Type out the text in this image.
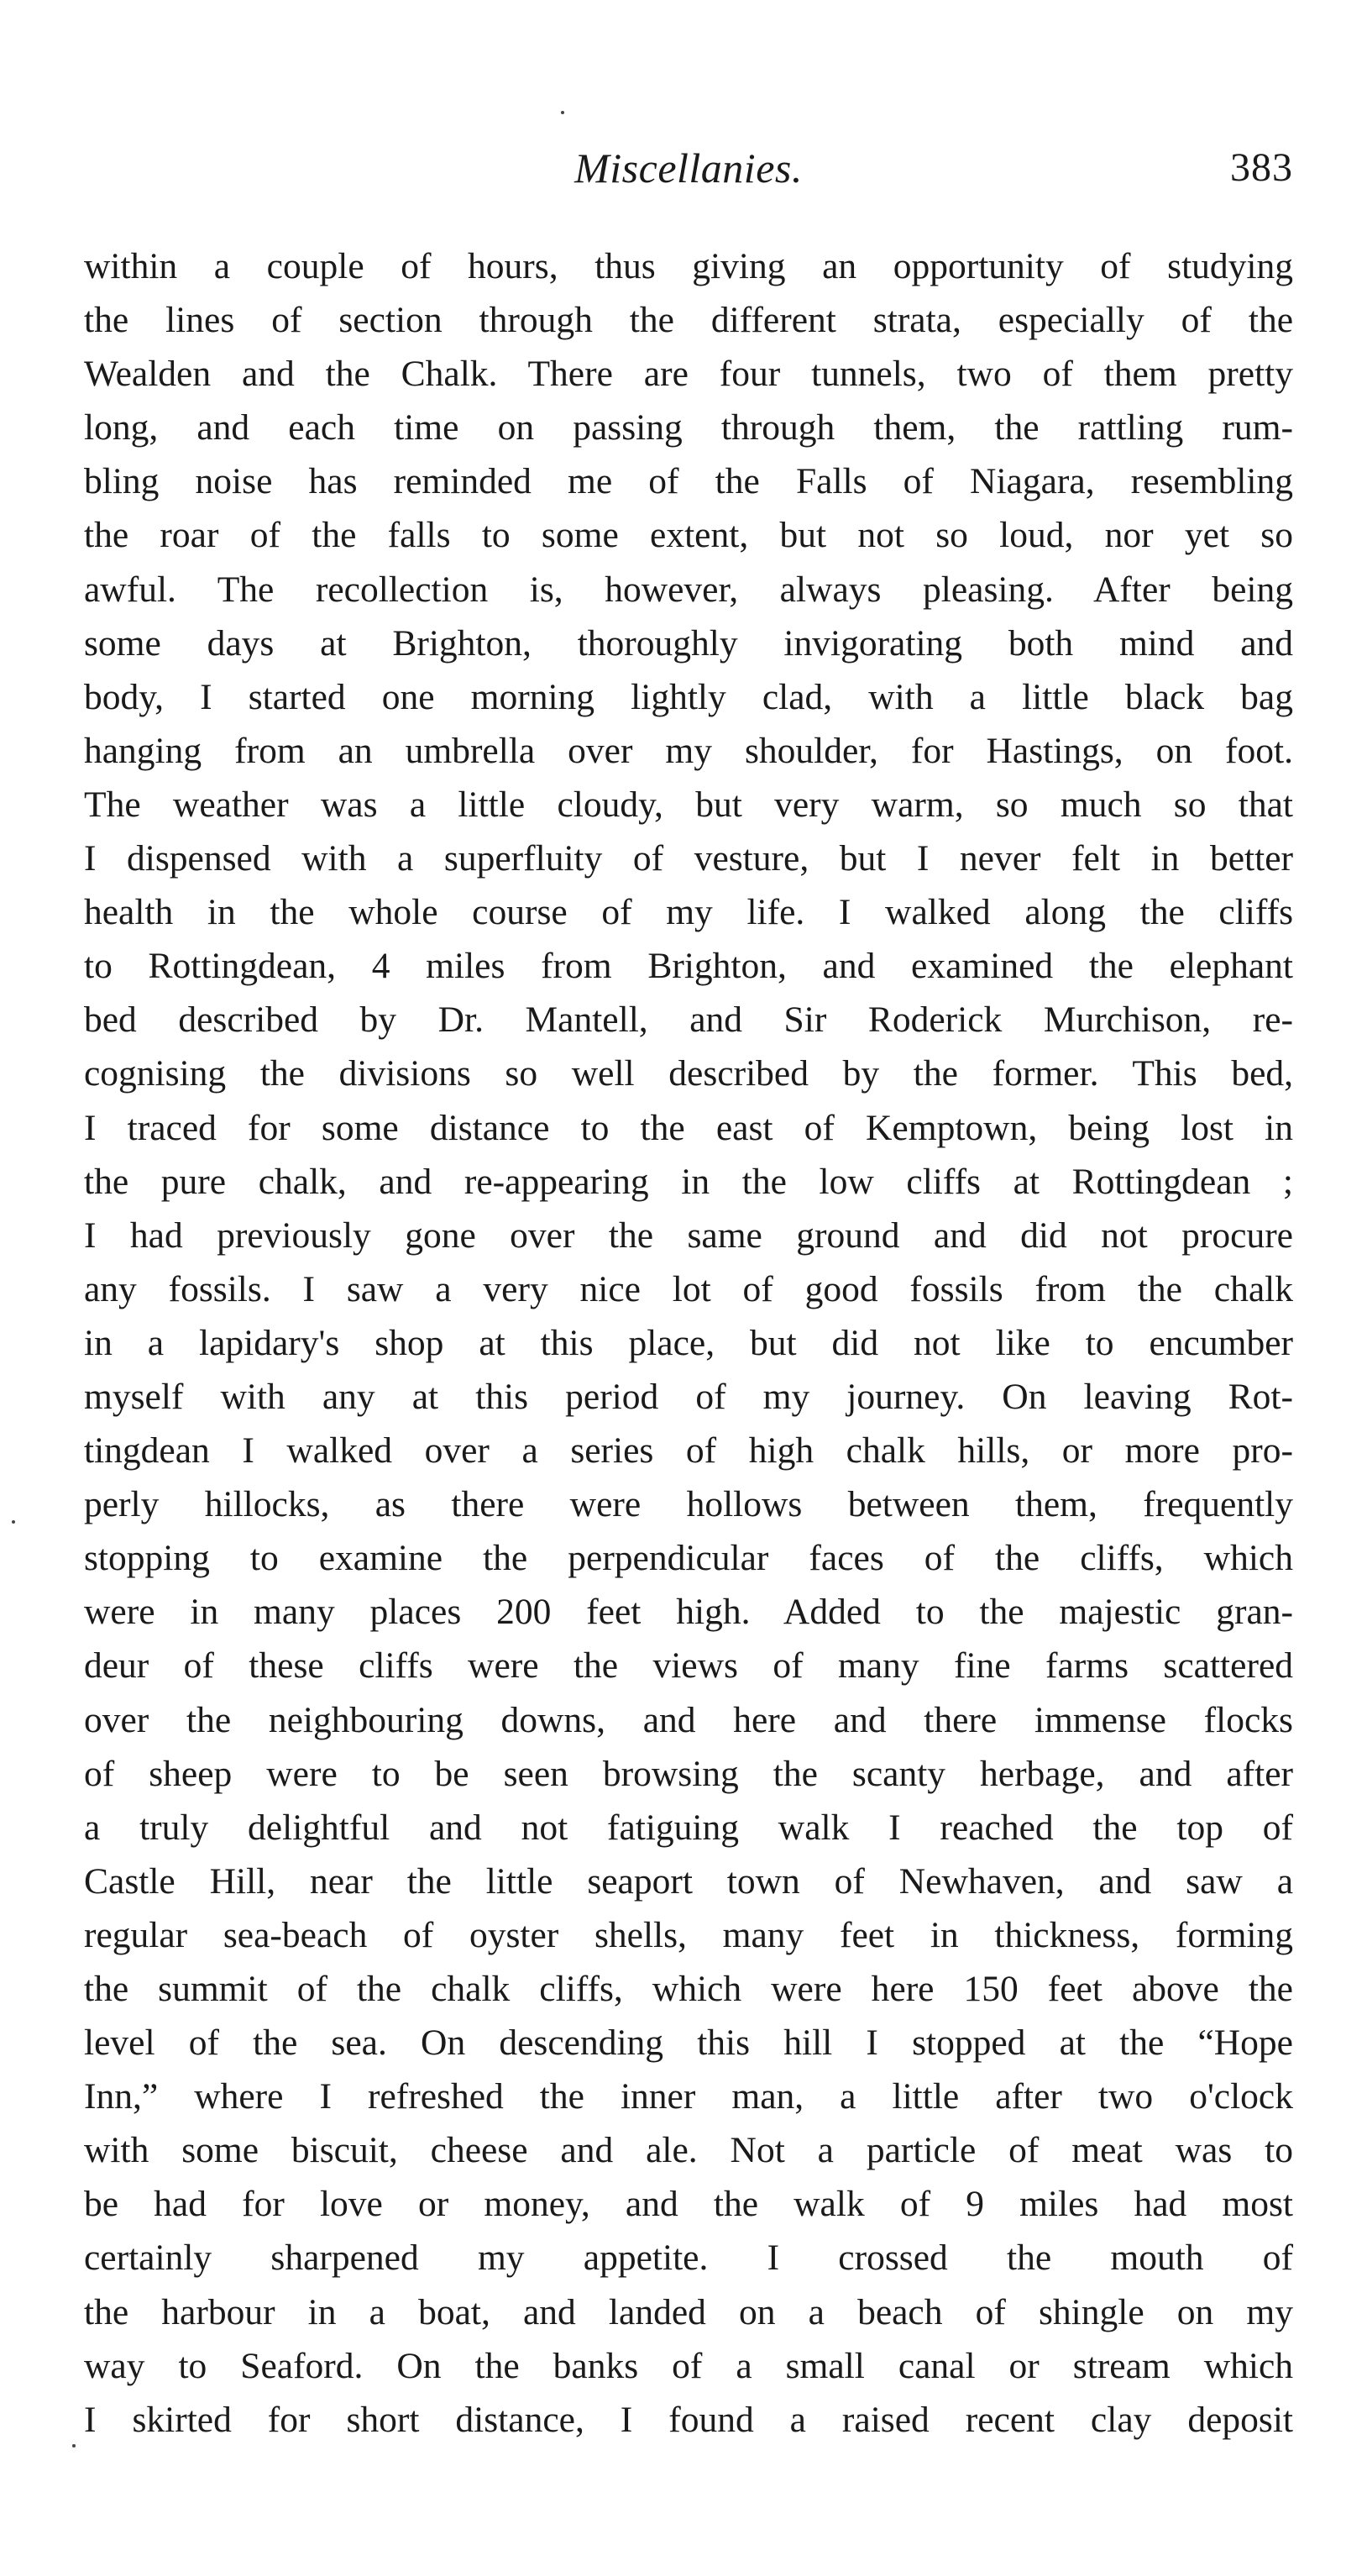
Miscellanies.	383
within a couple of hours, thus giving an opportunity of studying
the lines of section through the different strata, especially of the
Wealden and the Chalk. There are four tunnels, two of them pretty
long, and each time on passing through them, the rattling rum-
bling noise has reminded me of the Falls of Niagara, resembling
the roar of the falls to some extent, but not so loud, nor yet so
awful. The recollection is, however, always pleasing. After being
some days at Brighton, thoroughly invigorating both mind and
body, I started one morning lightly clad, with a little black bag
hanging from an umbrella over my shoulder, for Hastings, on foot.
The weather was a little cloudy, but very warm, so much so that
I dispensed with a superfluity of vesture, but I never felt in better
health in the whole course of my life. I walked along the cliffs
to Rottingdean, 4 miles from Brighton, and examined the elephant
bed described by Dr. Mantell, and Sir Roderick Murchison, re-
cognising the divisions so well described by the former. This bed,
I traced for some distance to the east of Kemptown, being lost in
the pure chalk, and re-appearing in the low cliffs at Rottingdean ;
I had previously gone over the same ground and did not procure
any fossils. I saw a very nice lot of good fossils from the chalk
in a lapidary's shop at this place, but did not like to encumber
myself with any at this period of my journey. On leaving Rot-
tingdean I walked over a series of high chalk hills, or more pro-
perly hillocks, as there were hollows between them, frequently
stopping to examine the perpendicular faces of the cliffs, which
were in many places 200 feet high. Added to the majestic gran-
deur of these cliffs were the views of many fine farms scattered
over the neighbouring downs, and here and there immense flocks
of sheep were to be seen browsing the scanty herbage, and after
a truly delightful and not fatiguing walk I reached the top of
Castle Hill, near the little seaport town of Newhaven, and saw a
regular sea-beach of oyster shells, many feet in thickness, forming
the summit of the chalk cliffs, which were here 150 feet above the
level of the sea. On descending this hill I stopped at the “Hope
Inn,” where I refreshed the inner man, a little after two o'clock
with some biscuit, cheese and ale. Not a particle of meat was to
be had for love or money, and the walk of 9 miles had most
certainly sharpened my appetite. I crossed the mouth of
the harbour in a boat, and landed on a beach of shingle on my
way to Seaford. On the banks of a small canal or stream which
I skirted for short distance, I found a raised recent clay deposit
